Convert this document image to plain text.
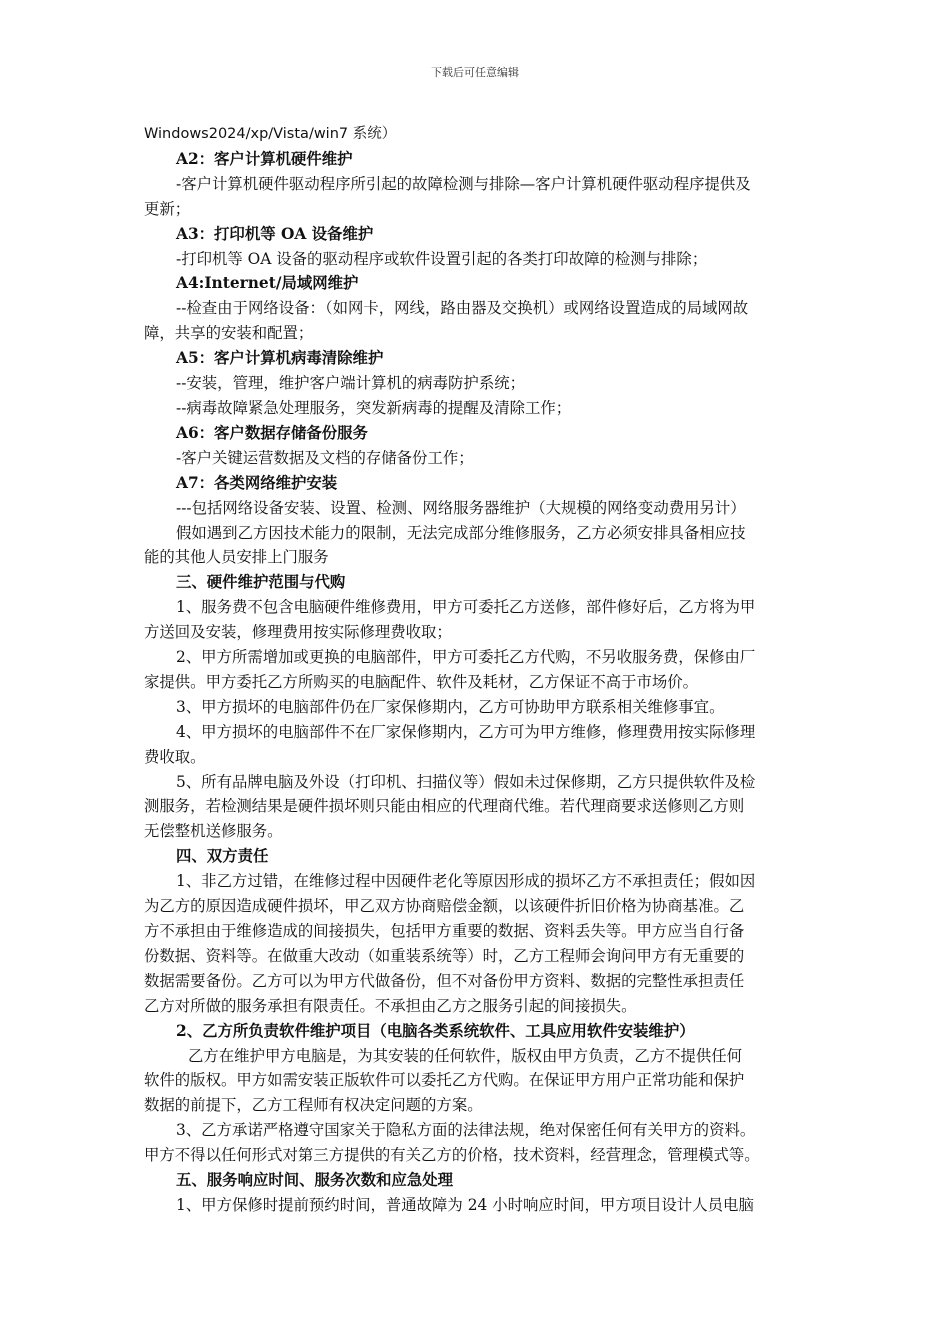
下载后可任意编辑
Windows2024/xp/Vista/win7 系统）
A2：客户计算机硬件维护
-客户计算机硬件驱动程序所引起的故障检测与排除—客户计算机硬件驱动程序提供及
更新；
A3：打印机等 OA 设备维护
-打印机等 OA 设备的驱动程序或软件设置引起的各类打印故障的检测与排除；
A4:Internet/局域网维护
--检查由于网络设备：（如网卡，网线，路由器及交换机）或网络设置造成的局域网故
障，共享的安装和配置；
A5：客户计算机病毒清除维护
--安装，管理，维护客户端计算机的病毒防护系统；
--病毒故障紧急处理服务，突发新病毒的提醒及清除工作；
A6：客户数据存储备份服务
-客户关键运营数据及文档的存储备份工作；
A7：各类网络维护安装
---包括网络设备安装、设置、检测、网络服务器维护（大规模的网络变动费用另计）
假如遇到乙方因技术能力的限制，无法完成部分维修服务，乙方必须安排具备相应技
能的其他人员安排上门服务
三、硬件维护范围与代购
1、服务费不包含电脑硬件维修费用，甲方可委托乙方送修，部件修好后，乙方将为甲
方送回及安装，修理费用按实际修理费收取；
2、甲方所需增加或更换的电脑部件，甲方可委托乙方代购，不另收服务费，保修由厂
家提供。甲方委托乙方所购买的电脑配件、软件及耗材，乙方保证不高于市场价。
3、甲方损坏的电脑部件仍在厂家保修期内，乙方可协助甲方联系相关维修事宜。
4、甲方损坏的电脑部件不在厂家保修期内，乙方可为甲方维修，修理费用按实际修理
费收取。
5、所有品牌电脑及外设（打印机、扫描仪等）假如未过保修期，乙方只提供软件及检
测服务，若检测结果是硬件损坏则只能由相应的代理商代维。若代理商要求送修则乙方则
无偿整机送修服务。
四、双方责任
1、非乙方过错，在维修过程中因硬件老化等原因形成的损坏乙方不承担责任；假如因
为乙方的原因造成硬件损坏，甲乙双方协商赔偿金额，以该硬件折旧价格为协商基准。乙
方不承担由于维修造成的间接损失，包括甲方重要的数据、资料丢失等。甲方应当自行备
份数据、资料等。在做重大改动（如重装系统等）时，乙方工程师会询问甲方有无重要的
数据需要备份。乙方可以为甲方代做备份，但不对备份甲方资料、数据的完整性承担责任
乙方对所做的服务承担有限责任。不承担由乙方之服务引起的间接损失。
2、乙方所负责软件维护项目（电脑各类系统软件、工具应用软件安装维护）
乙方在维护甲方电脑是，为其安装的任何软件，版权由甲方负责，乙方不提供任何
软件的版权。甲方如需安装正版软件可以委托乙方代购。在保证甲方用户正常功能和保护
数据的前提下，乙方工程师有权决定问题的方案。
3、乙方承诺严格遵守国家关于隐私方面的法律法规，绝对保密任何有关甲方的资料。
甲方不得以任何形式对第三方提供的有关乙方的价格，技术资料，经营理念，管理模式等。
五、服务响应时间、服务次数和应急处理
1、甲方保修时提前预约时间，普通故障为 24 小时响应时间，甲方项目设计人员电脑
